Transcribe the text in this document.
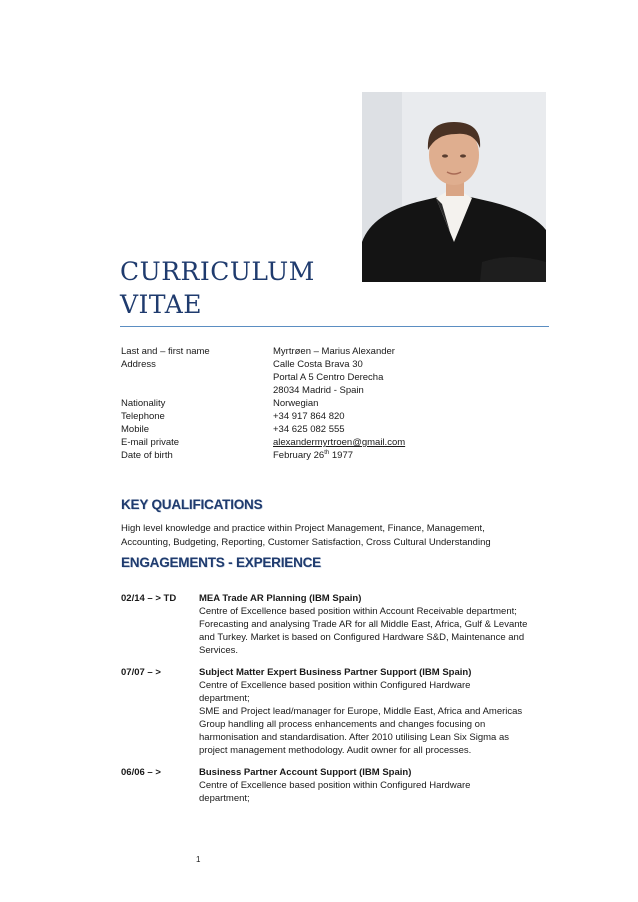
CURRICULUM
VITAE
Last and – first name	Myrtrøen – Marius Alexander
Address	Calle Costa Brava 30
Portal A 5 Centro Derecha
28034 Madrid - Spain
Nationality	Norwegian
Telephone	+34 917 864 820
Mobile	+34 625 082 555
E-mail private	alexandermyrtroen@gmail.com
Date of birth	February 26th 1977
KEY QUALIFICATIONS

High level knowledge and practice within Project Management, Finance, Management,
Accounting, Budgeting, Reporting, Customer Satisfaction, Cross Cultural Understanding

ENGAGEMENTS - EXPERIENCE
02/14 – > TD	MEA Trade AR Planning (IBM Spain)
Centre of Excellence based position within Account Receivable department;
Forecasting and analysing Trade AR for all Middle East, Africa, Gulf & Levante
and Turkey. Market is based on Configured Hardware S&D, Maintenance and
Services.
07/07 – >	Subject Matter Expert Business Partner Support (IBM Spain)
Centre of Excellence based position within Configured Hardware
department;
SME and Project lead/manager for Europe, Middle East, Africa and Americas
Group handling all process enhancements and changes focusing on
harmonisation and standardisation. After 2010 utilising Lean Six Sigma as
project management methodology. Audit owner for all processes.
06/06 – >	Business Partner Account Support (IBM Spain)
Centre of Excellence based position within Configured Hardware
department;
1
